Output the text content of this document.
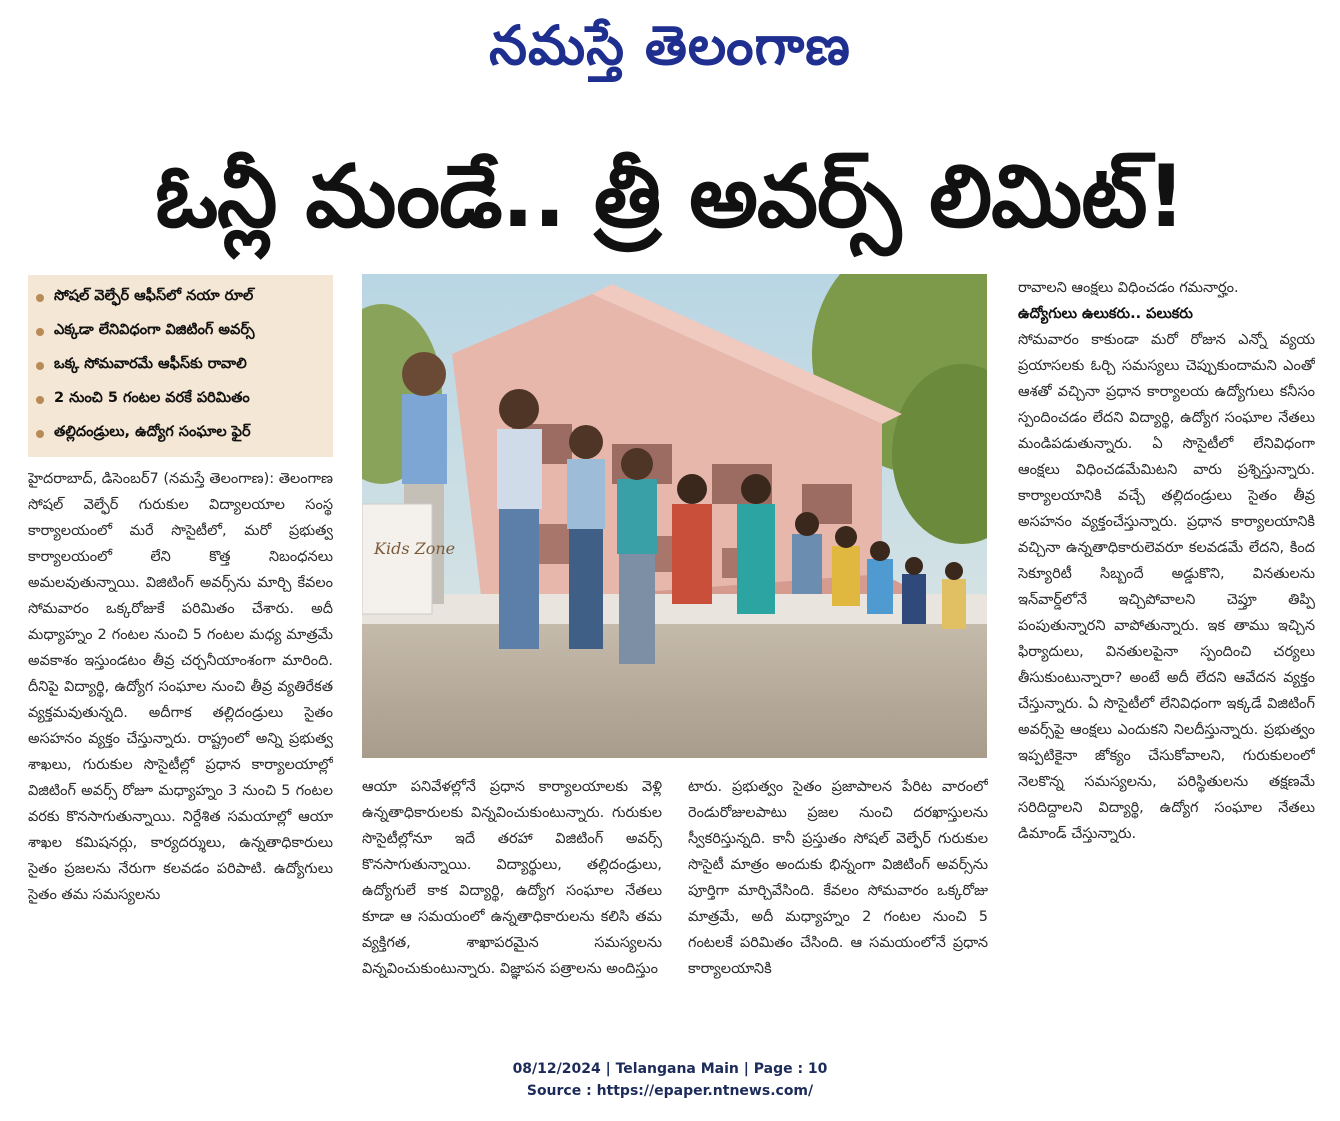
నమస్తే తెలంగాణ
ఓన్లీ మండే.. త్రీ అవర్స్ లిమిట్!
సోషల్ వెల్ఫేర్ ఆఫీస్‌లో నయా రూల్
ఎక్కడా లేనివిధంగా విజిటింగ్ అవర్స్
ఒక్క సోమవారమే ఆఫీస్‌కు రావాలి
2 నుంచి 5 గంటల వరకే పరిమితం
తల్లిదండ్రులు, ఉద్యోగ సంఘాల ఫైర్

హైదరాబాద్, డిసెంబర్7 (నమస్తే తెలంగాణ): తెలంగాణ సోషల్ వెల్ఫేర్ గురుకుల విద్యాలయాల సంస్థ కార్యాలయంలో మరే సొసైటీలో, మరో ప్రభుత్వ కార్యాలయంలో లేని కొత్త నిబంధనలు అమలవుతున్నాయి. విజిటింగ్ అవర్స్‌ను మార్చి కేవలం సోమవారం ఒక్కరోజుకే పరిమితం చేశారు. అదీ మధ్యాహ్నం 2 గంటల నుంచి 5 గంటల మధ్య మాత్రమే అవకాశం ఇస్తుండటం తీవ్ర చర్చనీయాంశంగా మారింది. దీనిపై విద్యార్థి, ఉద్యోగ సంఘాల నుంచి తీవ్ర వ్యతిరేకత వ్యక్తమవుతున్నది. అదీగాక తల్లిదండ్రులు సైతం అసహనం వ్యక్తం చేస్తున్నారు. రాష్ట్రంలో అన్ని ప్రభుత్వ శాఖలు, గురుకుల సొసైటీల్లో ప్రధాన కార్యాలయాల్లో విజిటింగ్ అవర్స్ రోజూ మధ్యాహ్నం 3 నుంచి 5 గంటల వరకు కొనసాగుతున్నాయి. నిర్దేశిత సమయాల్లో ఆయా శాఖల కమిషనర్లు, కార్యదర్శులు, ఉన్నతాధికారులు సైతం ప్రజలను నేరుగా కలవడం పరిపాటి. ఉద్యోగులు సైతం తమ సమస్యలను

Kids Zone

ఆయా పనివేళల్లోనే ప్రధాన కార్యాలయాలకు వెళ్లి ఉన్నతాధికారులకు విన్నవించుకుంటున్నారు. గురుకుల సొసైటీల్లోనూ ఇదే తరహా విజిటింగ్ అవర్స్ కొనసాగుతున్నాయి. విద్యార్థులు, తల్లిదండ్రులు, ఉద్యోగులే కాక విద్యార్థి, ఉద్యోగ సంఘాల నేతలు కూడా ఆ సమయంలో ఉన్నతాధికారులను కలిసి తమ వ్యక్తిగత, శాఖాపరమైన సమస్యలను విన్నవించుకుంటున్నారు. విజ్ఞాపన పత్రాలను అందిస్తుం

టారు. ప్రభుత్వం సైతం ప్రజాపాలన పేరిట వారంలో రెండురోజులపాటు ప్రజల నుంచి దరఖాస్తులను స్వీకరిస్తున్నది. కానీ ప్రస్తుతం సోషల్ వెల్ఫేర్ గురుకుల సొసైటీ మాత్రం అందుకు భిన్నంగా విజిటింగ్ అవర్స్‌ను పూర్తిగా మార్చివేసింది. కేవలం సోమవారం ఒక్కరోజు మాత్రమే, అదీ మధ్యాహ్నం 2 గంటల నుంచి 5 గంటలకే పరిమితం చేసింది. ఆ సమయంలోనే ప్రధాన కార్యాలయానికి

రావాలని ఆంక్షలు విధించడం గమనార్హం.

ఉద్యోగులు ఉలుకరు.. పలుకరు

సోమవారం కాకుండా మరో రోజున ఎన్నో వ్యయ ప్రయాసలకు ఓర్చి సమస్యలు చెప్పుకుందామని ఎంతో ఆశతో వచ్చినా ప్రధాన కార్యాలయ ఉద్యోగులు కనీసం స్పందించడం లేదని విద్యార్థి, ఉద్యోగ సంఘాల నేతలు మండిపడుతున్నారు. ఏ సొసైటీలో లేనివిధంగా ఆంక్షలు విధించడమేమిటని వారు ప్రశ్నిస్తున్నారు. కార్యాలయానికి వచ్చే తల్లిదండ్రులు సైతం తీవ్ర అసహనం వ్యక్తంచేస్తున్నారు. ప్రధాన కార్యాలయానికి వచ్చినా ఉన్నతాధికారులెవరూ కలవడమే లేదని, కింద సెక్యూరిటీ సిబ్బందే అడ్డుకొని, వినతులను ఇన్‌వార్డ్‌లోనే ఇచ్చిపోవాలని చెప్తూ తిప్పి పంపుతున్నారని వాపోతున్నారు. ఇక తాము ఇచ్చిన ఫిర్యాదులు, వినతులపైనా స్పందించి చర్యలు తీసుకుంటున్నారా? అంటే అదీ లేదని ఆవేదన వ్యక్తం చేస్తున్నారు. ఏ సొసైటీలో లేనివిధంగా ఇక్కడే విజిటింగ్ అవర్స్‌పై ఆంక్షలు ఎందుకని నిలదీస్తున్నారు. ప్రభుత్వం ఇప్పటికైనా జోక్యం చేసుకోవాలని, గురుకులంలో నెలకొన్న సమస్యలను, పరిస్థితులను తక్షణమే సరిదిద్దాలని విద్యార్థి, ఉద్యోగ సంఘాల నేతలు డిమాండ్ చేస్తున్నారు.

08/12/2024 | Telangana Main | Page : 10
Source : https://epaper.ntnews.com/
